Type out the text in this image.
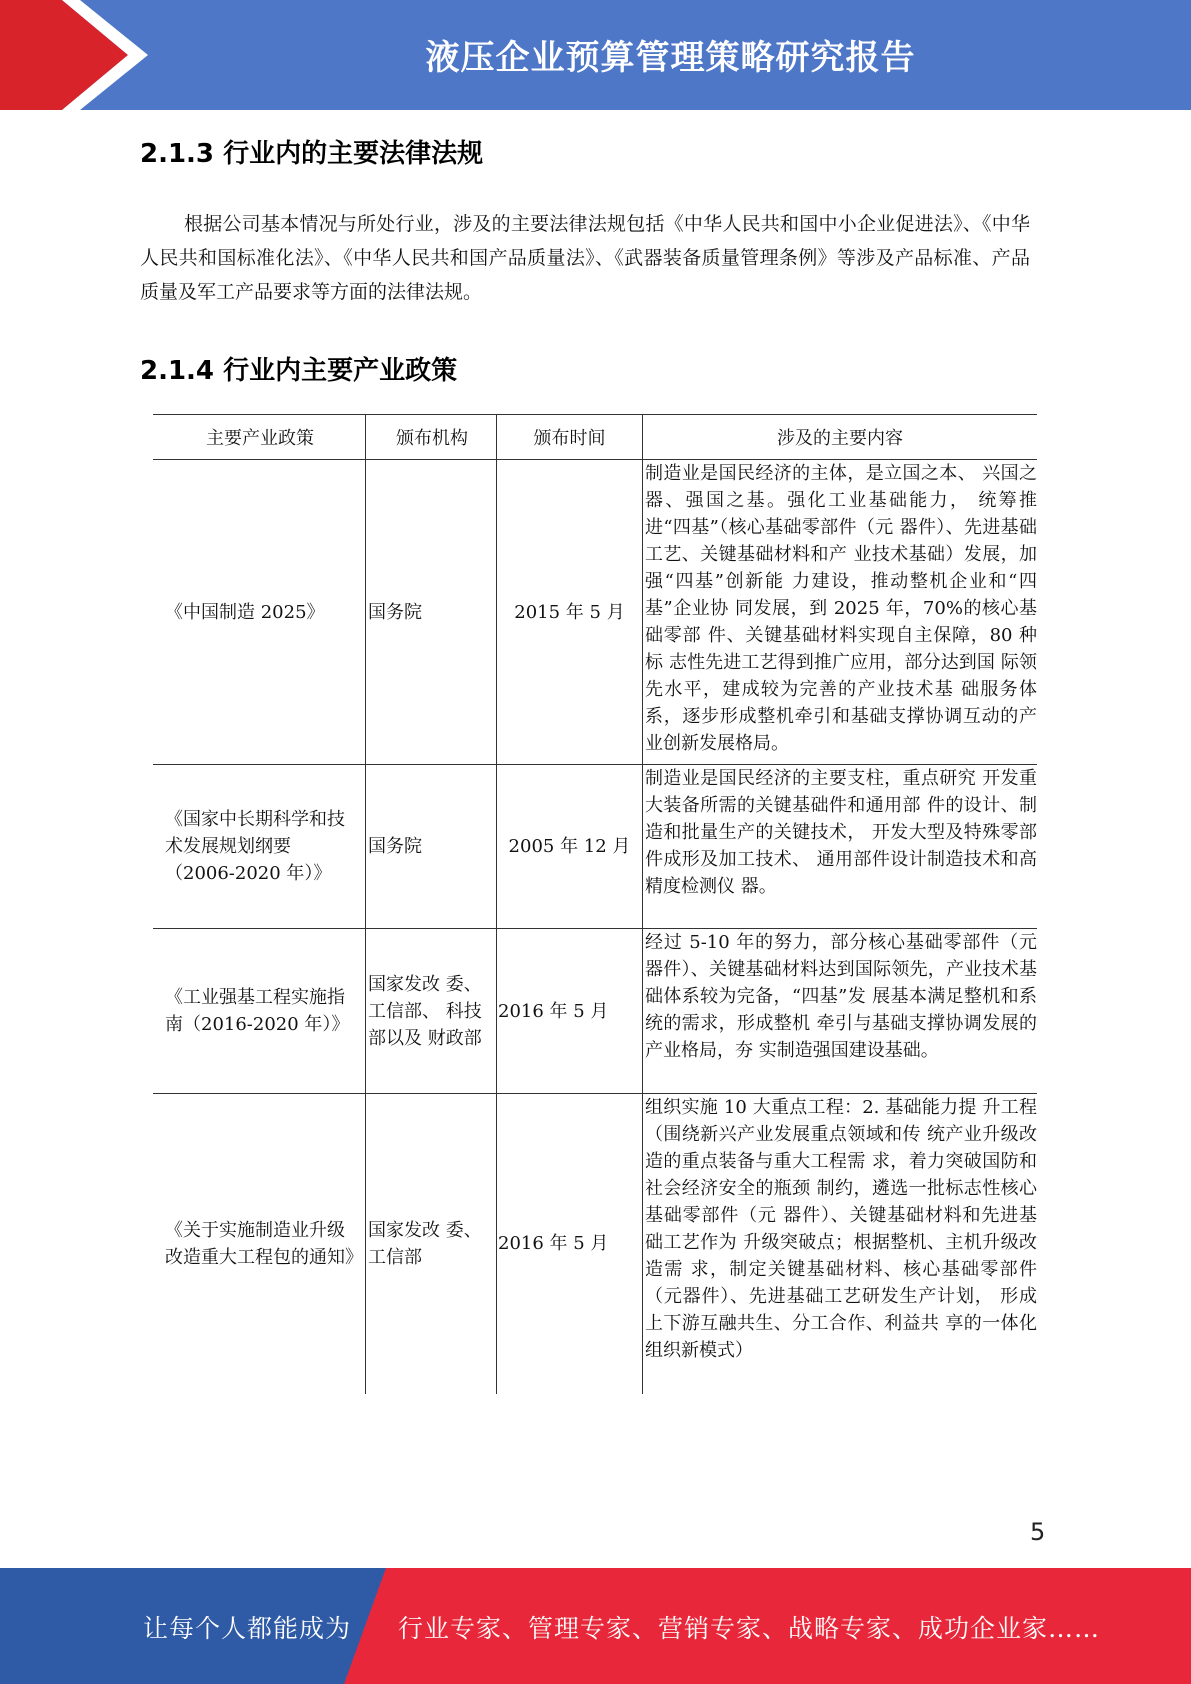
液压企业预算管理策略研究报告
2.1.3 行业内的主要法律法规
根据公司基本情况与所处行业，涉及的主要法律法规包括《中华人民共和国中小企业促进法》、《中华人民共和国标准化法》、《中华人民共和国产品质量法》、《武器装备质量管理条例》等涉及产品标准、产品质量及军工产品要求等方面的法律法规。
2.1.4 行业内主要产业政策
主要产业政策	颁布机构	颁布时间	涉及的主要内容
《中国制造 2025》	国务院	2015 年 5 月	制造业是国民经济的主体，是立国之本、 兴国之器、强国之基。强化工业基础能力， 统筹推进“四基”（核心基础零部件（元 器件）、先进基础工艺、关键基础材料和产 业技术基础）发展，加强“四基”创新能 力建设，推动整机企业和“四基”企业协 同发展，到 2025 年，70%的核心基础零部 件、关键基础材料实现自主保障，80 种标 志性先进工艺得到推广应用，部分达到国 际领先水平，建成较为完善的产业技术基 础服务体系，逐步形成整机牵引和基础支撑协调互动的产业创新发展格局。
《国家中长期科学和技术发展规划纲要（2006-2020 年）》	国务院	2005 年 12 月	制造业是国民经济的主要支柱，重点研究 开发重大装备所需的关键基础件和通用部 件的设计、制造和批量生产的关键技术， 开发大型及特殊零部件成形及加工技术、 通用部件设计制造技术和高精度检测仪 器。
《工业强基工程实施指南（2016-2020 年）》	国家发改 委、工信部、 科技部以及 财政部	2016 年 5 月	经过 5-10 年的努力，部分核心基础零部件（元器件）、关键基础材料达到国际领先，产业技术基础体系较为完备，“四基”发 展基本满足整机和系统的需求，形成整机 牵引与基础支撑协调发展的产业格局，夯 实制造强国建设基础。
《关于实施制造业升级改造重大工程包的通知》	国家发改 委、工信部	2016 年 5 月	组织实施 10 大重点工程：2. 基础能力提 升工程（围绕新兴产业发展重点领域和传 统产业升级改造的重点装备与重大工程需 求，着力突破国防和社会经济安全的瓶颈 制约，遴选一批标志性核心基础零部件（元 器件）、关键基础材料和先进基础工艺作为 升级突破点；根据整机、主机升级改造需 求，制定关键基础材料、核心基础零部件 （元器件）、先进基础工艺研发生产计划， 形成上下游互融共生、分工合作、利益共 享的一体化组织新模式）
5
让每个人都能成为 行业专家、管理专家、营销专家、战略专家、成功企业家……
